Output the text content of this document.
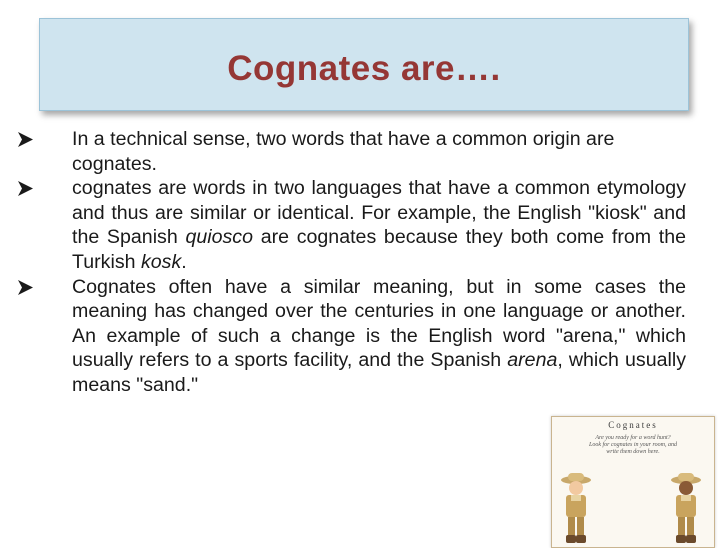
Cognates are….
In a technical sense, two words that have a common origin are cognates.
cognates are words in two languages that have a common etymology and thus are similar or identical. For example, the English "kiosk" and the Spanish quiosco are cognates because they both come from the Turkish kosk.
Cognates often have a similar meaning, but in some cases the meaning has changed over the centuries in one language or another. An example of such a change is the English word "arena," which usually refers to a sports facility, and the Spanish arena, which usually means "sand."
Cognates
Are you ready for a word hunt?
Look for cognates in your room, and
write them down here.
